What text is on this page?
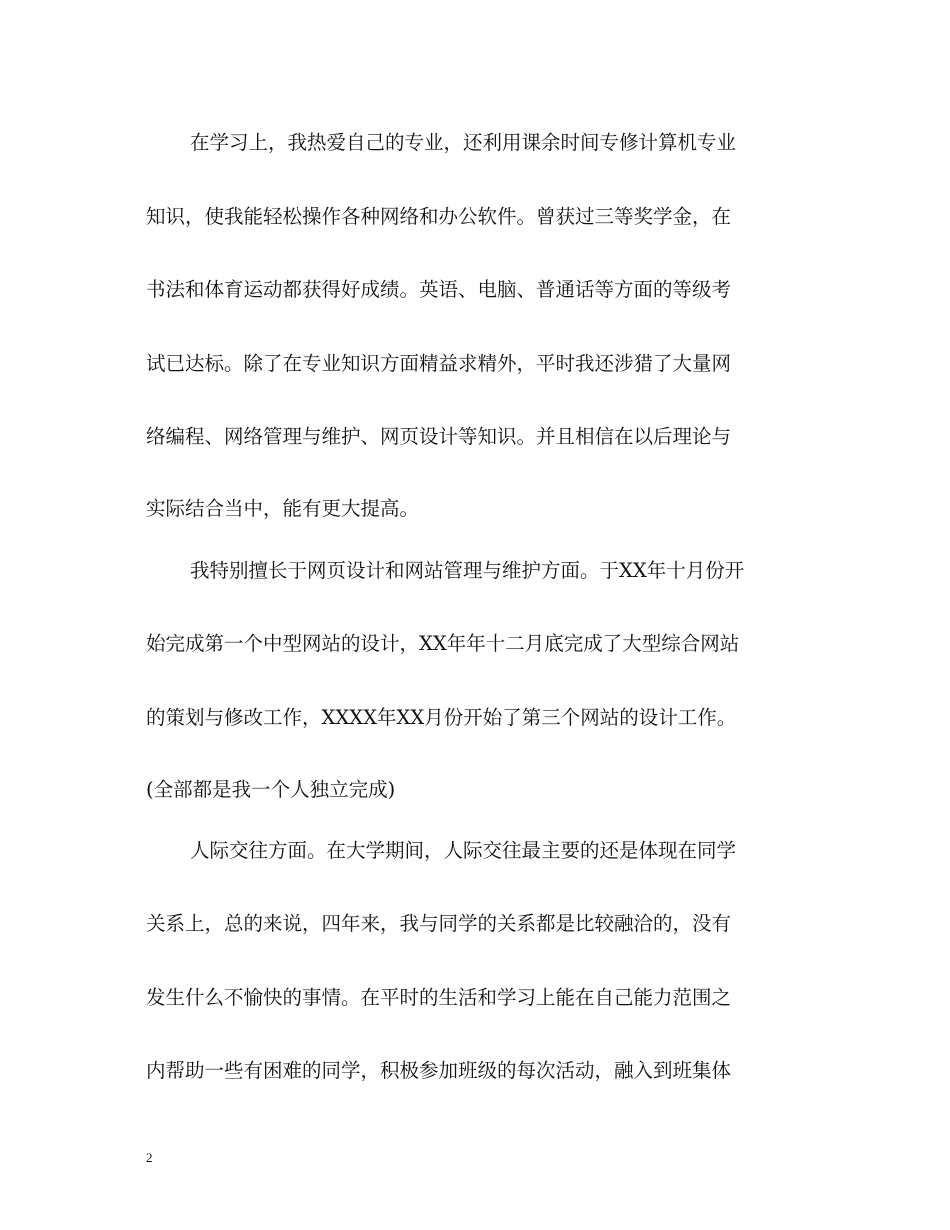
在学习上，我热爱自己的专业，还利用课余时间专修计算机专业
知识，使我能轻松操作各种网络和办公软件。曾获过三等奖学金，在
书法和体育运动都获得好成绩。英语、电脑、普通话等方面的等级考
试已达标。除了在专业知识方面精益求精外，平时我还涉猎了大量网
络编程、网络管理与维护、网页设计等知识。并且相信在以后理论与
实际结合当中，能有更大提高。
我特别擅长于网页设计和网站管理与维护方面。于XX年十月份开
始完成第一个中型网站的设计，XX年年十二月底完成了大型综合网站
的策划与修改工作，XXXX年XX月份开始了第三个网站的设计工作。
(全部都是我一个人独立完成)
人际交往方面。在大学期间，人际交往最主要的还是体现在同学
关系上，总的来说，四年来，我与同学的关系都是比较融洽的，没有
发生什么不愉快的事情。在平时的生活和学习上能在自己能力范围之
内帮助一些有困难的同学，积极参加班级的每次活动，融入到班集体
2
